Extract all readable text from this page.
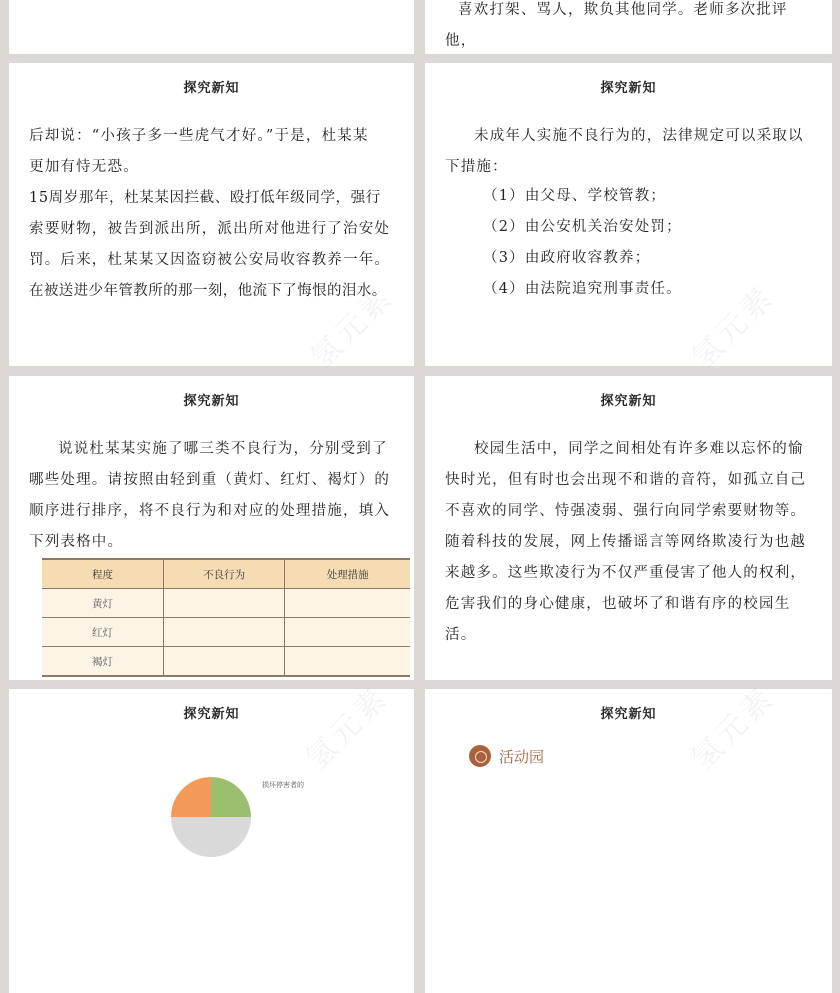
喜欢打架、骂人，欺负其他同学。老师多次批评他，

探究新知

后却说：“小孩子多一些虎气才好。”于是，杜某某

更加有恃无恐。

15周岁那年，杜某某因拦截、殴打低年级同学，强行

索要财物，被告到派出所，派出所对他进行了治安处

罚。后来，杜某某又因盗窃被公安局收容教养一年。

在被送进少年管教所的那一刻，他流下了悔恨的泪水。

氢元素
探究新知
未成年人实施不良行为的，法律规定可以采取以下措施：
（1）由父母、学校管教；
（2）由公安机关治安处罚；
（3）由政府收容教养；
（4）由法院追究刑事责任。 氢元素
探究新知
说说杜某某实施了哪三类不良行为，分别受到了哪些处理。请按照由轻到重（黄灯、红灯、褐灯）的顺序进行排序，将不良行为和对应的处理措施，填入下列表格中。
程度	不良行为	处理措施
黄灯		
红灯		
褐灯		
探究新知
校园生活中，同学之间相处有许多难以忘怀的愉快时光，但有时也会出现不和谐的音符，如孤立自己不喜欢的同学、恃强凌弱、强行向同学索要财物等。随着科技的发展，网上传播谣言等网络欺凌行为也越来越多。这些欺凌行为不仅严重侵害了他人的权利，危害我们的身心健康，也破坏了和谐有序的校园生活。
探究新知
损坏停害者的
氢元素	探究新知
活动园	氢元素
